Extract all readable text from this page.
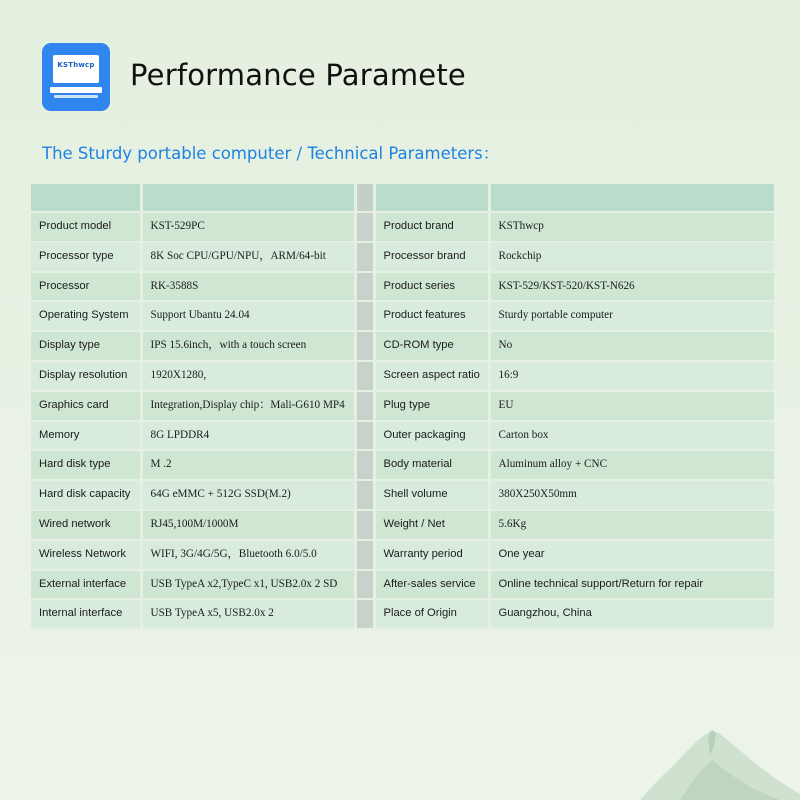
KSThwcp Performance Paramete
The Sturdy portable computer / Technical Parameters：

Product model	KST-529PC		Product brand	KSThwcp
Processor type	8K Soc CPU/GPU/NPU，ARM/64-bit		Processor brand	Rockchip
Processor	RK-3588S		Product series	KST-529/KST-520/KST-N626
Operating System	Support Ubantu 24.04		Product features	Sturdy portable computer
Display type	IPS 15.6inch，with a touch screen		CD-ROM type	No
Display resolution	1920X1280,		Screen aspect ratio	16:9
Graphics card	Integration,Display chip：Mali-G610 MP4		Plug type	EU
Memory	8G LPDDR4		Outer packaging	Carton box
Hard disk type	M .2		Body material	Aluminum alloy + CNC
Hard disk capacity	64G eMMC + 512G SSD(M.2)		Shell volume	380X250X50mm
Wired network	RJ45,100M/1000M		Weight / Net	5.6Kg
Wireless Network	WIFI, 3G/4G/5G，Bluetooth 6.0/5.0		Warranty period	One year
External interface	USB TypeA x2,TypeC x1, USB2.0x 2 SD		After-sales service	Online technical support/Return for repair
Internal interface	USB TypeA x5, USB2.0x 2		Place of Origin	Guangzhou, China
